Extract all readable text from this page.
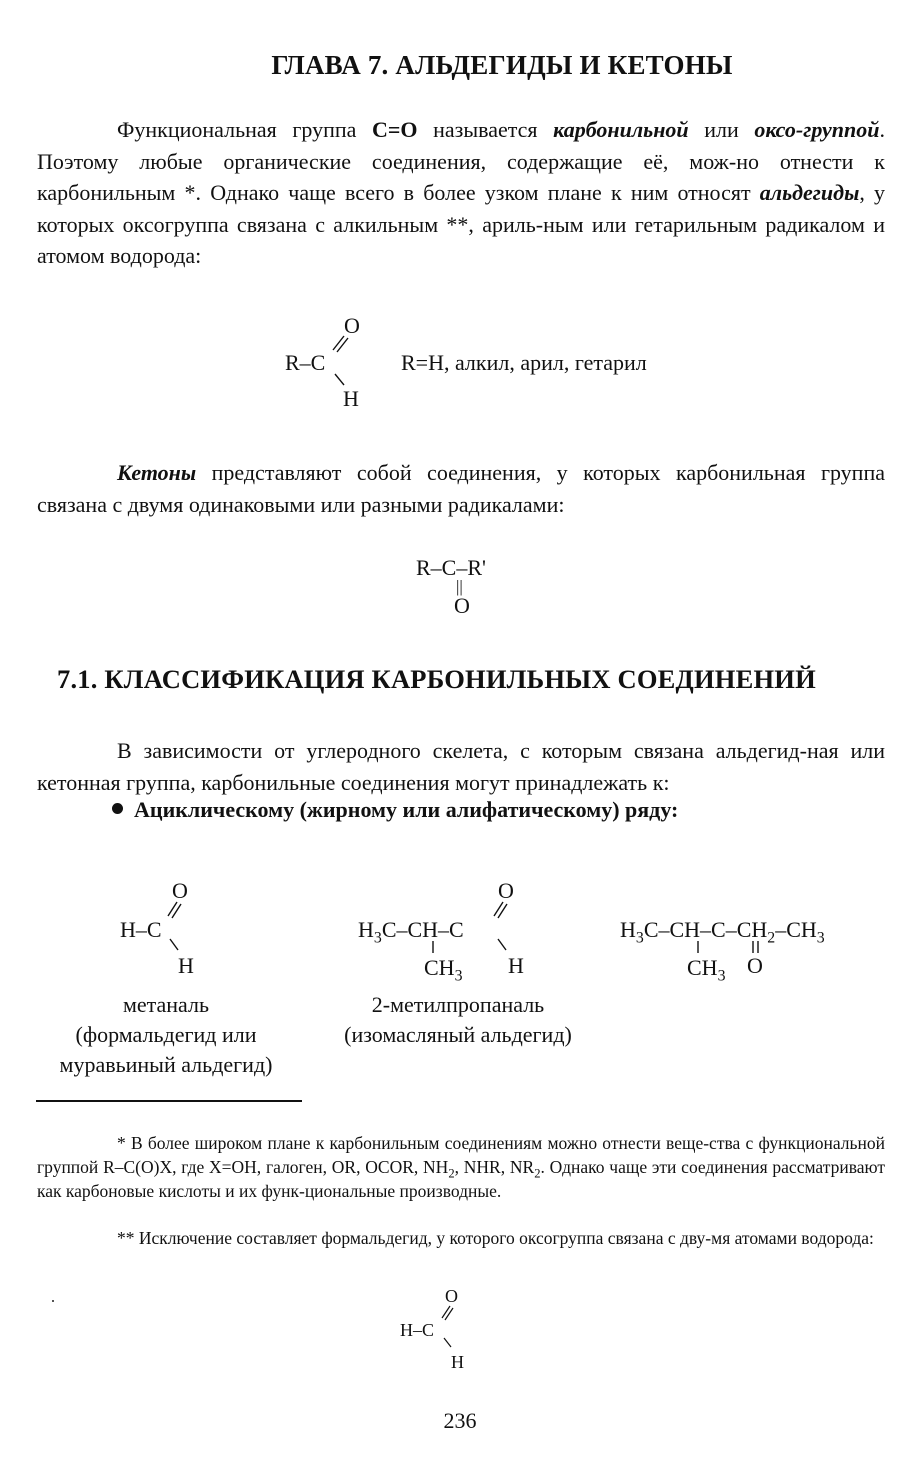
ГЛАВА 7. АЛЬДЕГИДЫ И КЕТОНЫ
Функциональная группа C=O называется карбонильной или оксо-группой. Поэтому любые органические соединения, содержащие её, мож-но отнести к карбонильным *. Однако чаще всего в более узком плане к ним относят альдегиды, у которых оксогруппа связана с алкильным **, ариль-ным или гетарильным радикалом и атомом водорода:
O
R–C
H
R=H, алкил, арил, гетарил
Кетоны представляют собой соединения, у которых карбонильная группа связана с двумя одинаковыми или разными радикалами:
R–C–R'
||
O
7.1. КЛАССИФИКАЦИЯ КАРБОНИЛЬНЫХ СОЕДИНЕНИЙ
В зависимости от углеродного скелета, с которым связана альдегид-ная или кетонная группа, карбонильные соединения могут принадлежать к:
Ациклическому (жирному или алифатическому) ряду:
O
H–C
H
метаналь
(формальдегид или
муравьиный альдегид)
O
$H_3C-CH-C$
$CH_3$ H
2-метилпропаналь
(изомасляный альдегид)
$H_3C-CH-C-CH_2-CH_3$
$CH_3$ O
* В более широком плане к карбонильным соединениям можно отнести веще-ства с функциональной группой R–C(O)X, где X=OH, галоген, OR, OCOR, $NH_2$, NHR, $NR_2$. Однако чаще эти соединения рассматривают как карбоновые кислоты и их функ-циональные производные.
** Исключение составляет формальдегид, у которого оксогруппа связана с дву-мя атомами водорода:
O
H–C
H
236
